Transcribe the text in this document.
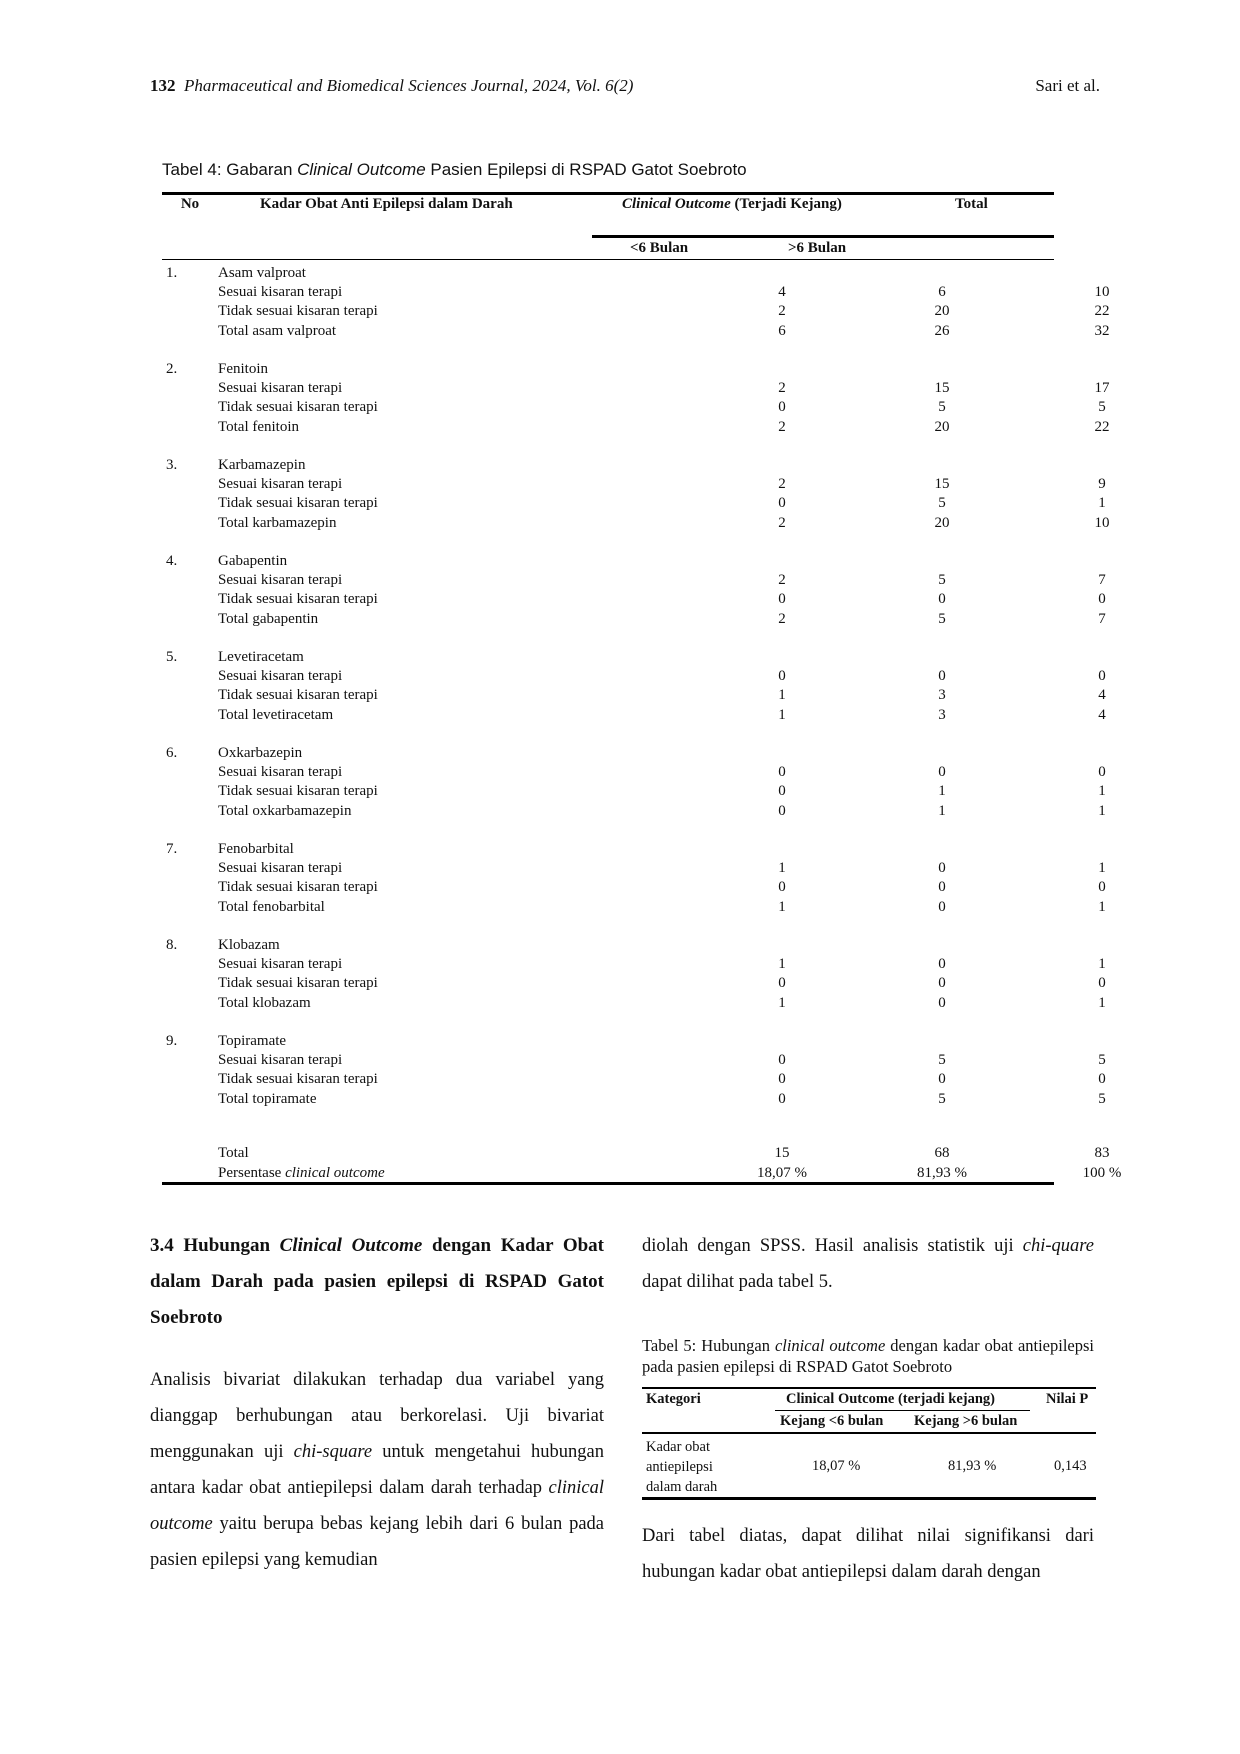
132 Pharmaceutical and Biomedical Sciences Journal, 2024, Vol. 6(2)	Sari et al.
Tabel 4: Gabaran Clinical Outcome Pasien Epilepsi di RSPAD Gatot Soebroto
No	Kadar Obat Anti Epilepsi dalam Darah	Clinical Outcome (Terjadi Kejang)	Total
<6 Bulan	>6 Bulan
1.	Asam valproat
Sesuai kisaran terapi	4	6	10
Tidak sesuai kisaran terapi	2	20	22
Total asam valproat	6	26	32
2.	Fenitoin
Sesuai kisaran terapi	2	15	17
Tidak sesuai kisaran terapi	0	5	5
Total fenitoin	2	20	22
3.	Karbamazepin
Sesuai kisaran terapi	2	15	9
Tidak sesuai kisaran terapi	0	5	1
Total karbamazepin	2	20	10
4.	Gabapentin
Sesuai kisaran terapi	2	5	7
Tidak sesuai kisaran terapi	0	0	0
Total gabapentin	2	5	7
5.	Levetiracetam
Sesuai kisaran terapi	0	0	0
Tidak sesuai kisaran terapi	1	3	4
Total levetiracetam	1	3	4
6.	Oxkarbazepin
Sesuai kisaran terapi	0	0	0
Tidak sesuai kisaran terapi	0	1	1
Total oxkarbamazepin	0	1	1
7.	Fenobarbital
Sesuai kisaran terapi	1	0	1
Tidak sesuai kisaran terapi	0	0	0
Total fenobarbital	1	0	1
8.	Klobazam
Sesuai kisaran terapi	1	0	1
Tidak sesuai kisaran terapi	0	0	0
Total klobazam	1	0	1
9.	Topiramate
Sesuai kisaran terapi	0	5	5
Tidak sesuai kisaran terapi	0	0	0
Total topiramate	0	5	5
Total	15	68	83
Persentase clinical outcome	18,07 %	81,93 %	100 %
3.4 Hubungan Clinical Outcome dengan Kadar Obat dalam Darah pada pasien epilepsi di RSPAD Gatot Soebroto
Analisis bivariat dilakukan terhadap dua variabel yang dianggap berhubungan atau berkorelasi. Uji bivariat menggunakan uji chi-square untuk mengetahui hubungan antara kadar obat antiepilepsi dalam darah terhadap clinical outcome yaitu berupa bebas kejang lebih dari 6 bulan pada pasien epilepsi yang kemudian
diolah dengan SPSS. Hasil analisis statistik uji chi-quare dapat dilihat pada tabel 5.
Tabel 5: Hubungan clinical outcome dengan kadar obat antiepilepsi pada pasien epilepsi di RSPAD Gatot Soebroto
Kategori	Clinical Outcome (terjadi kejang)	Nilai P
Kejang <6 bulan Kejang >6 bulan
Kadar obat
antiepilepsi
dalam darah
18,07 %	81,93 %	0,143
Dari tabel diatas, dapat dilihat nilai signifikansi dari hubungan kadar obat antiepilepsi dalam darah dengan
